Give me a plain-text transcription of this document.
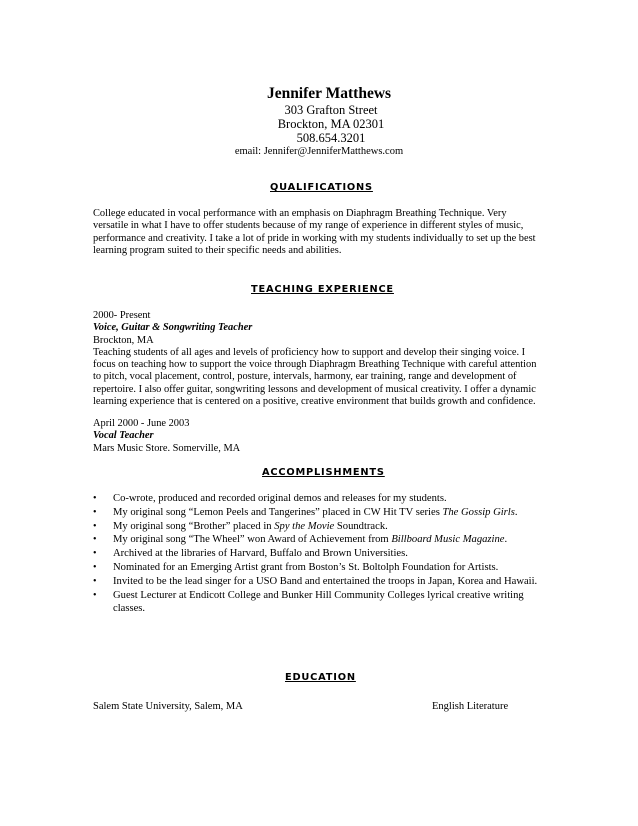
Jennifer Matthews
303 Grafton Street
Brockton, MA 02301
508.654.3201
email: Jennifer@JenniferMatthews.com
QUALIFICATIONS
College educated in vocal performance with an emphasis on Diaphragm Breathing Technique. Very
versatile in what I have to offer students because of my range of experience in different styles of music,
performance and creativity. I take a lot of pride in working with my students individually to set up the best
learning program suited to their specific needs and abilities.
TEACHING EXPERIENCE
2000- Present
Voice, Guitar & Songwriting Teacher
Brockton, MA
Teaching students of all ages and levels of proficiency how to support and develop their singing voice. I
focus on teaching how to support the voice through Diaphragm Breathing Technique with careful attention
to pitch, vocal placement, control, posture, intervals, harmony, ear training, range and development of
repertoire. I also offer guitar, songwriting lessons and development of musical creativity. I offer a dynamic
learning experience that is centered on a positive, creative environment that builds growth and confidence.
April 2000 - June 2003
Vocal Teacher
Mars Music Store. Somerville, MA
ACCOMPLISHMENTS
• Co-wrote, produced and recorded original demos and releases for my students.
• My original song “Lemon Peels and Tangerines” placed in CW Hit TV series The Gossip Girls.
• My original song “Brother” placed in Spy the Movie Soundtrack.
• My original song “The Wheel” won Award of Achievement from Billboard Music Magazine.
• Archived at the libraries of Harvard, Buffalo and Brown Universities.
• Nominated for an Emerging Artist grant from Boston’s St. Boltolph Foundation for Artists.
• Invited to be the lead singer for a USO Band and entertained the troops in Japan, Korea and Hawaii.
• Guest Lecturer at Endicott College and Bunker Hill Community Colleges lyrical creative writing classes.
EDUCATION
Salem State University, Salem, MA	English Literature
